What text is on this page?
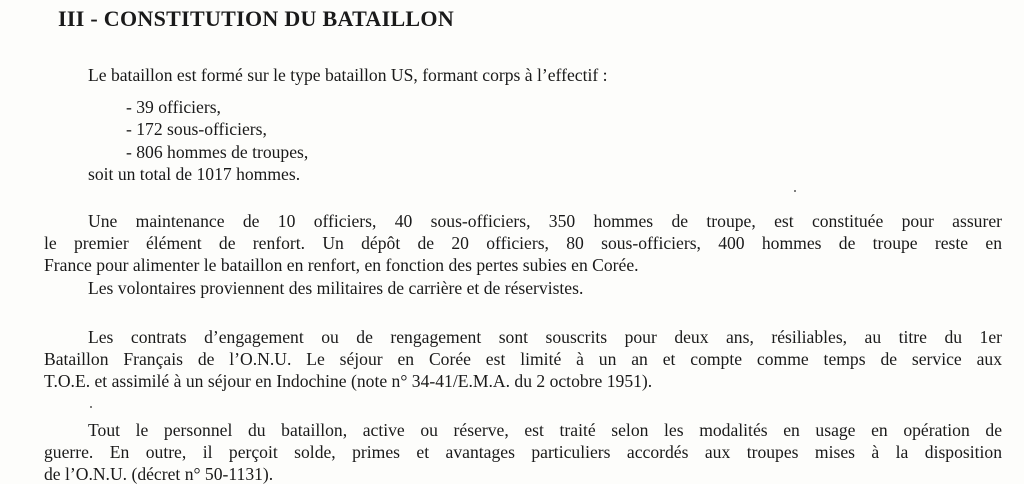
III - CONSTITUTION DU BATAILLON
Le bataillon est formé sur le type bataillon US, formant corps à l’effectif :
- 39 officiers,
- 172 sous-officiers,
- 806 hommes de troupes,
soit un total de 1017 hommes.
Une maintenance de 10 officiers, 40 sous-officiers, 350 hommes de troupe, est constituée pour assurer
le premier élément de renfort. Un dépôt de 20 officiers, 80 sous-officiers, 400 hommes de troupe reste en
France pour alimenter le bataillon en renfort, en fonction des pertes subies en Corée.
Les volontaires proviennent des militaires de carrière et de réservistes.
Les contrats d’engagement ou de rengagement sont souscrits pour deux ans, résiliables, au titre du 1er
Bataillon Français de l’O.N.U. Le séjour en Corée est limité à un an et compte comme temps de service aux
T.O.E. et assimilé à un séjour en Indochine (note n° 34-41/E.M.A. du 2 octobre 1951).
Tout le personnel du bataillon, active ou réserve, est traité selon les modalités en usage en opération de
guerre. En outre, il perçoit solde, primes et avantages particuliers accordés aux troupes mises à la disposition
de l’O.N.U. (décret n° 50-1131).
